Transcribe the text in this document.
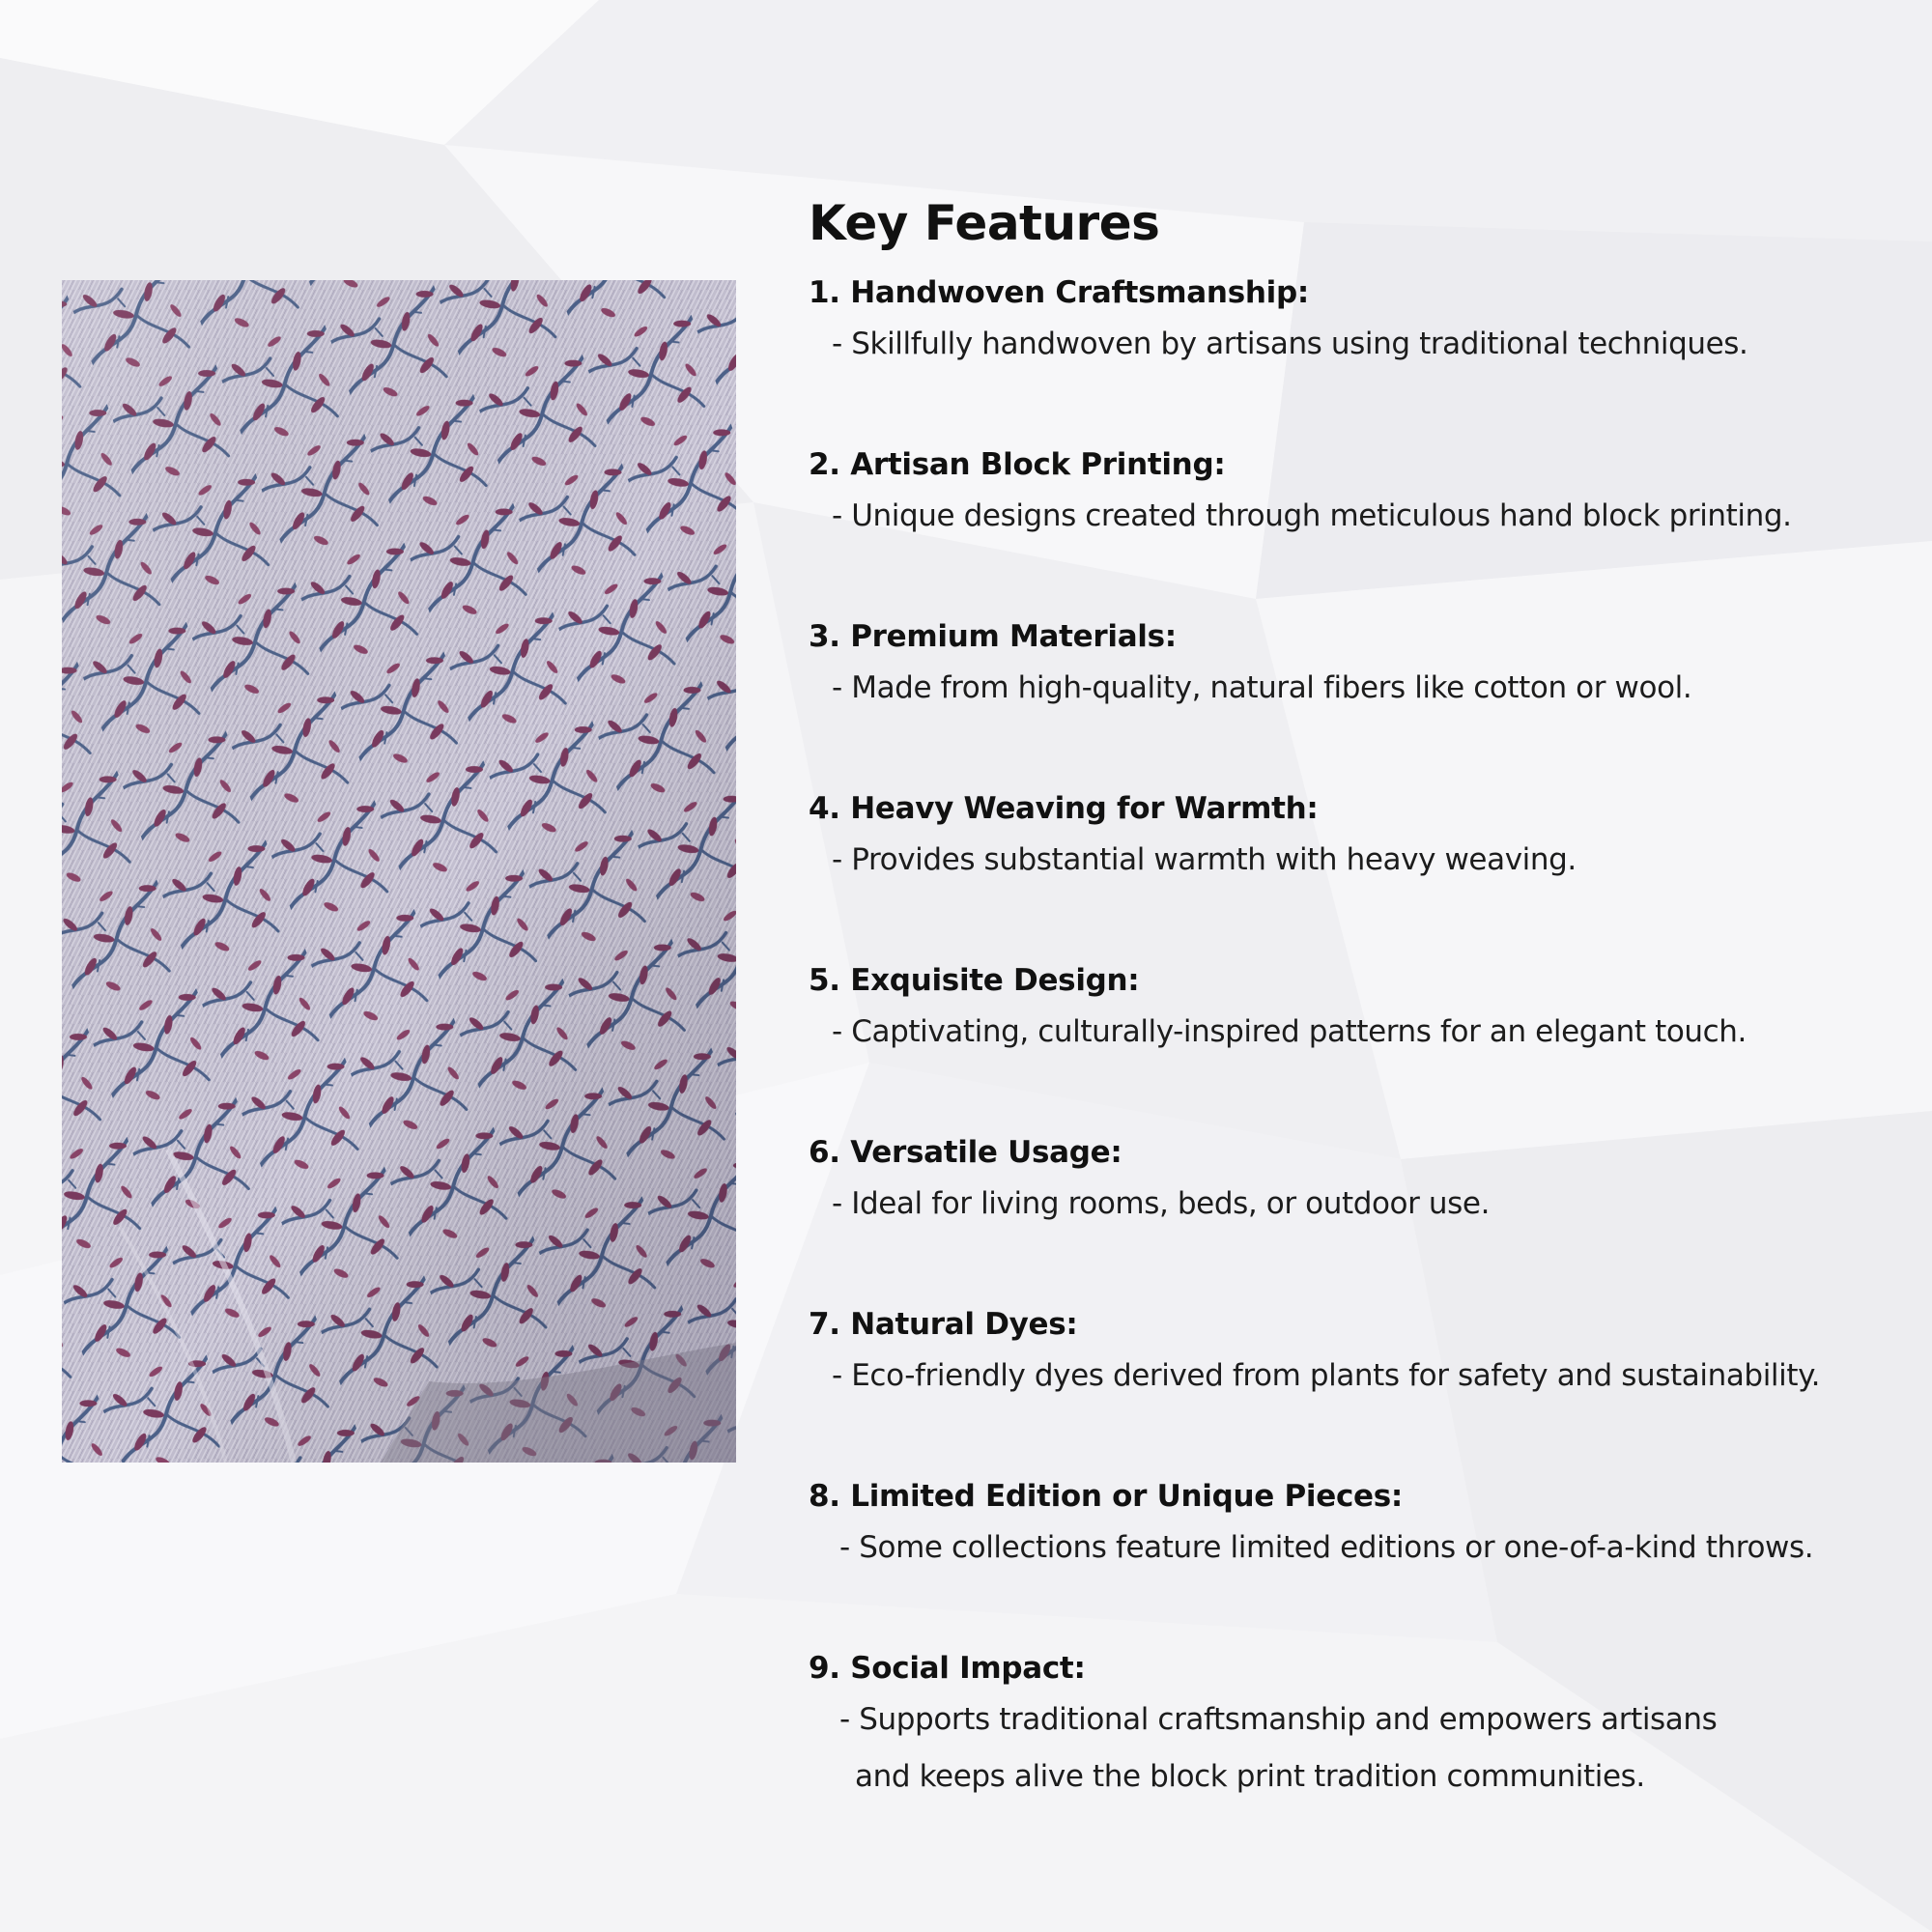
Key Features
1. Handwoven Craftsmanship:
- Skillfully handwoven by artisans using traditional techniques.
2. Artisan Block Printing:
- Unique designs created through meticulous hand block printing.
3. Premium Materials:
- Made from high-quality, natural fibers like cotton or wool.
4. Heavy Weaving for Warmth:
- Provides substantial warmth with heavy weaving.
5. Exquisite Design:
- Captivating, culturally-inspired patterns for an elegant touch.
6. Versatile Usage:
- Ideal for living rooms, beds, or outdoor use.
7. Natural Dyes:
- Eco-friendly dyes derived from plants for safety and sustainability.
8. Limited Edition or Unique Pieces:
- Some collections feature limited editions or one-of-a-kind throws.
9. Social Impact:
- Supports traditional craftsmanship and empowers artisans
and keeps alive the block print tradition communities.
